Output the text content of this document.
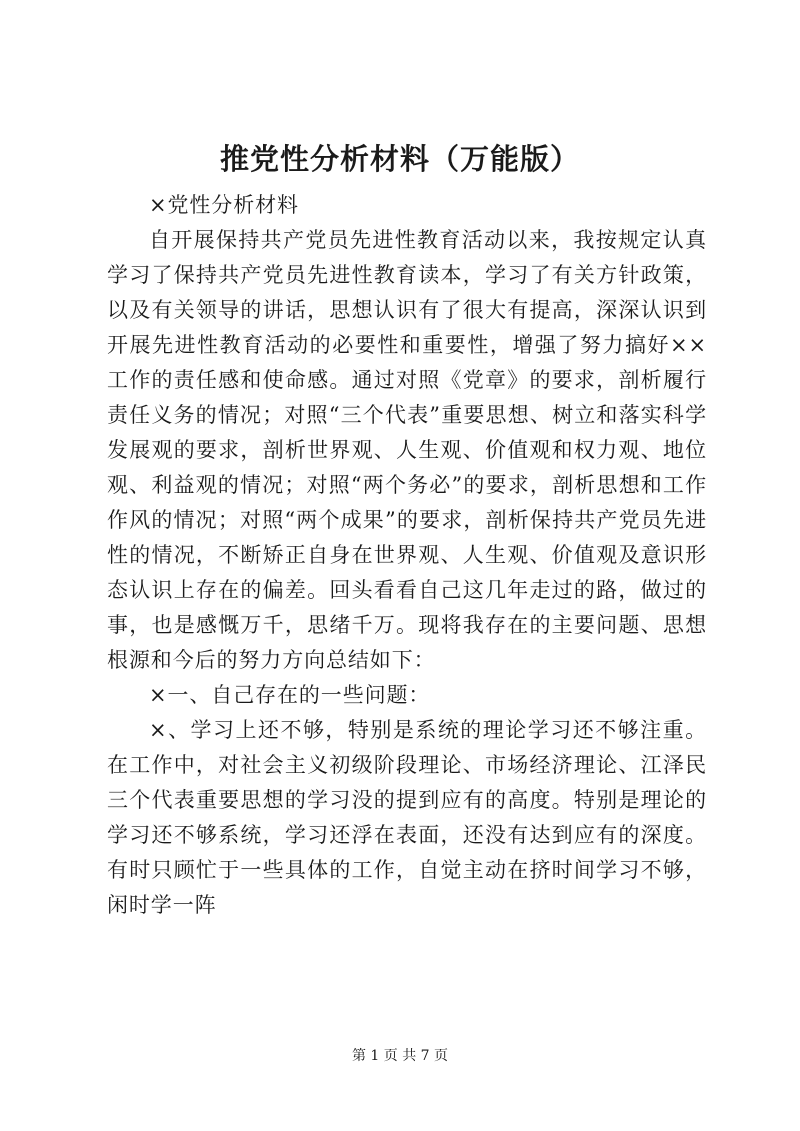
推党性分析材料（万能版）

×党性分析材料

自开展保持共产党员先进性教育活动以来，我按规定认真学习了保持共产党员先进性教育读本，学习了有关方针政策，以及有关领导的讲话，思想认识有了很大有提高，深深认识到开展先进性教育活动的必要性和重要性，增强了努力搞好××工作的责任感和使命感。通过对照《党章》的要求，剖析履行责任义务的情况；对照“三个代表”重要思想、树立和落实科学发展观的要求，剖析世界观、人生观、价值观和权力观、地位观、利益观的情况；对照“两个务必”的要求，剖析思想和工作作风的情况；对照“两个成果”的要求，剖析保持共产党员先进性的情况，不断矫正自身在世界观、人生观、价值观及意识形态认识上存在的偏差。回头看看自己这几年走过的路，做过的事，也是感慨万千，思绪千万。现将我存在的主要问题、思想根源和今后的努力方向总结如下：

×一、自己存在的一些问题：

×、学习上还不够，特别是系统的理论学习还不够注重。在工作中，对社会主义初级阶段理论、市场经济理论、江泽民三个代表重要思想的学习没的提到应有的高度。特别是理论的学习还不够系统，学习还浮在表面，还没有达到应有的深度。有时只顾忙于一些具体的工作，自觉主动在挤时间学习不够，闲时学一阵

第 1 页 共 7 页
